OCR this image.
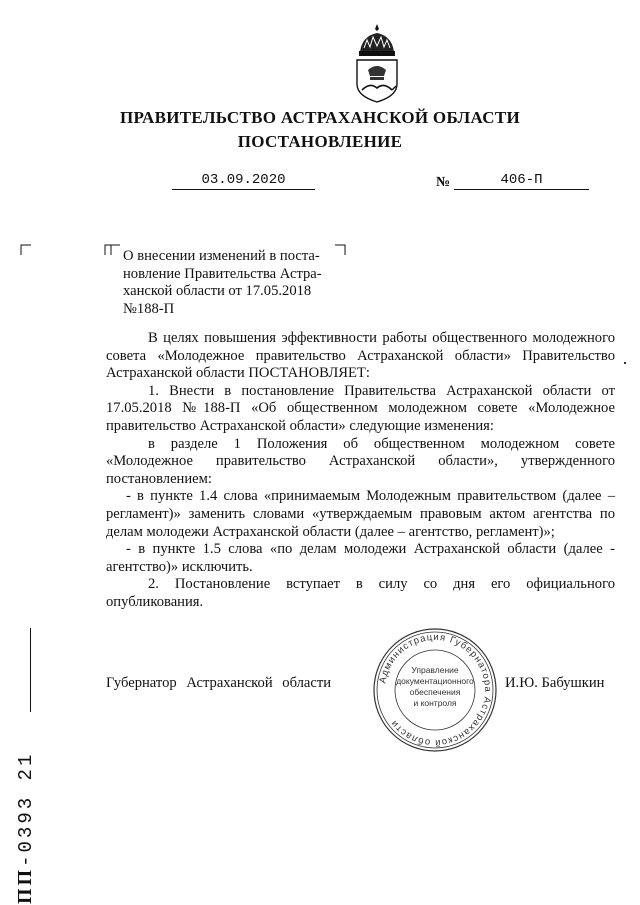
ПРАВИТЕЛЬСТВО АСТРАХАНСКОЙ ОБЛАСТИ
ПОСТАНОВЛЕНИЕ
03.09.2020	№	406-П
О внесении изменений в поста-
новление Правительства Астра-
ханской области от 17.05.2018
№188-П

В целях повышения эффективности работы общественного молодежного совета «Молодежное правительство Астраханской области» Правительство Астраханской области ПОСТАНОВЛЯЕТ:

1. Внести в постановление Правительства Астраханской области от 17.05.2018 №188-П «Об общественном молодежном совете «Молодежное правительство Астраханской области» следующие изменения:

в разделе 1 Положения об общественном молодежном совете «Молодежное правительство Астраханской области», утвержденного постановлением:

- в пункте 1.4 слова «принимаемым Молодежным правительством (далее – регламент)» заменить словами «утверждаемым правовым актом агентства по делам молодежи Астраханской области (далее – агентство, регламент)»;

- в пункте 1.5 слова «по делам молодежи Астраханской области (далее - агентство)» исключить.

2. Постановление вступает в силу со дня его официального опубликования.

Губернатор Астраханской области	И.Ю. Бабушкин
Администрация Губернатора Астраханской области
Управление
документационного
обеспечения
и контроля
ПП-0393 21
